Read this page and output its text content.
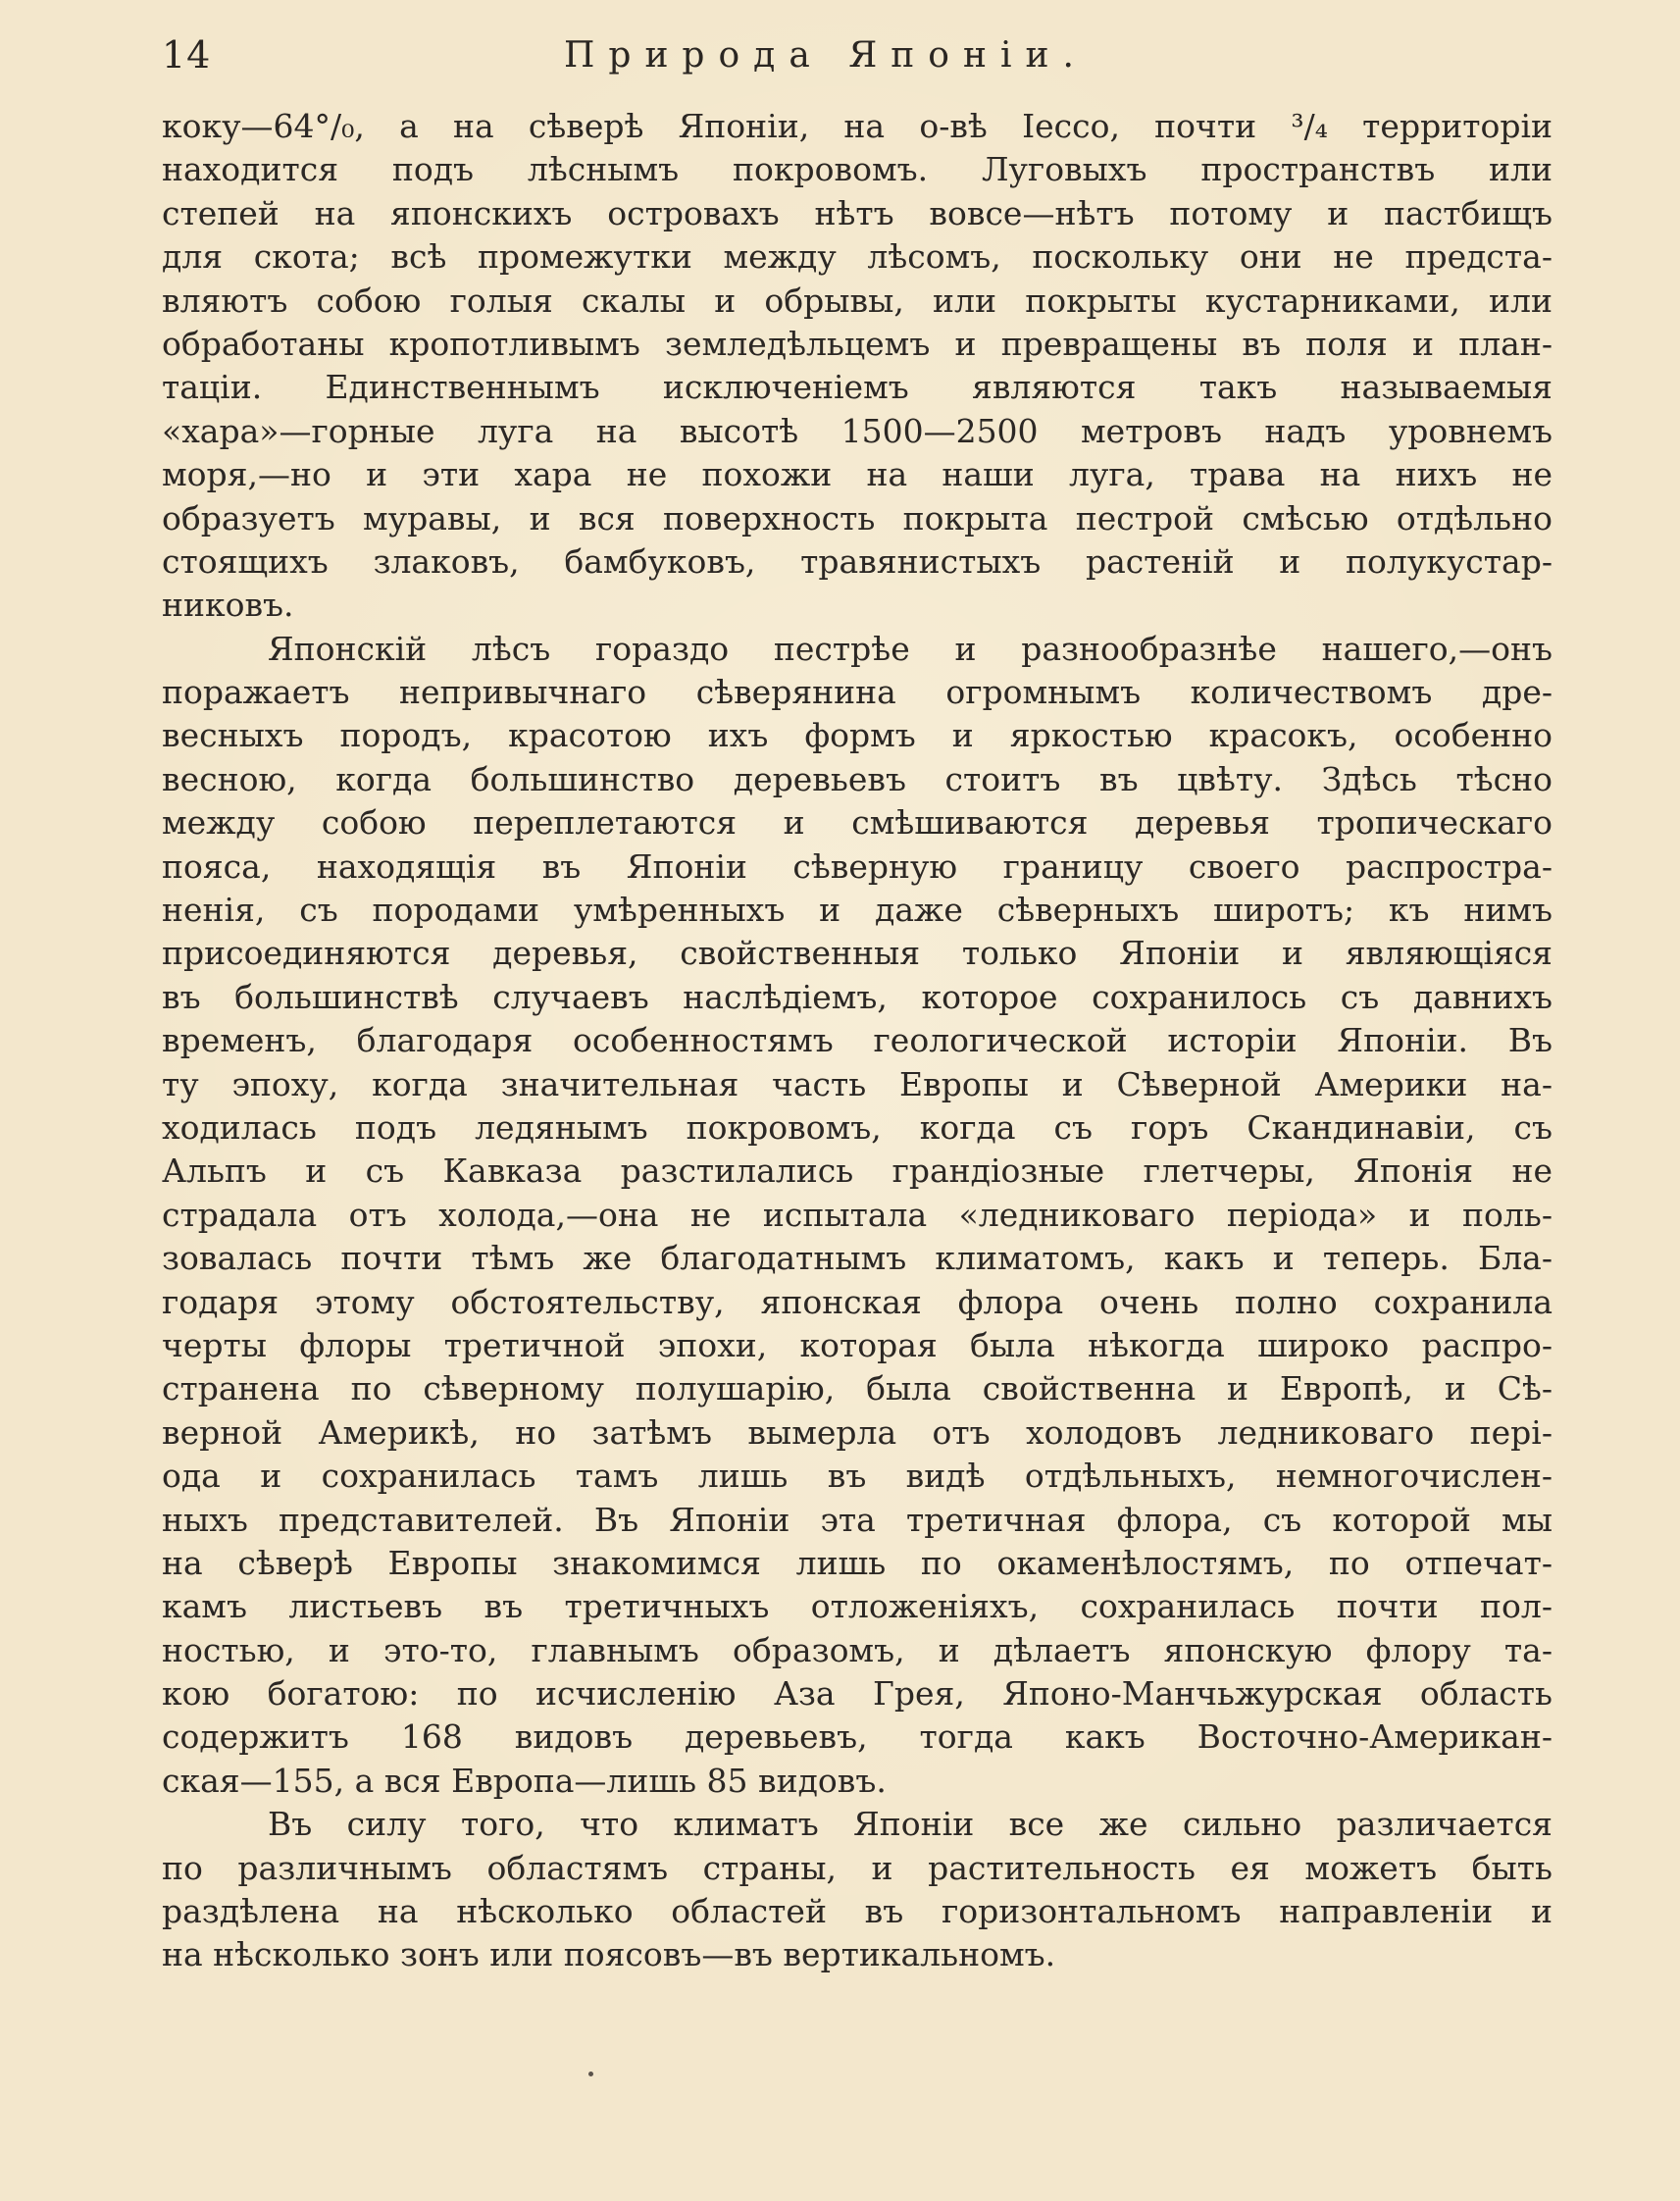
14	Природа Японіи.
коку—64°/₀, а на сѣверѣ Японіи, на о-вѣ Іессо, почти ³/₄ территоріи
находится подъ лѣснымъ покровомъ. Луговыхъ пространствъ или
степей на японскихъ островахъ нѣтъ вовсе—нѣтъ потому и пастбищъ
для скота; всѣ промежутки между лѣсомъ, поскольку они не предста-
вляютъ собою голыя скалы и обрывы, или покрыты кустарниками, или
обработаны кропотливымъ земледѣльцемъ и превращены въ поля и план-
таціи. Единственнымъ исключеніемъ являются такъ называемыя
«хара»—горные луга на высотѣ 1500—2500 метровъ надъ уровнемъ
моря,—но и эти хара не похожи на наши луга, трава на нихъ не
образуетъ муравы, и вся поверхность покрыта пестрой смѣсью отдѣльно
стоящихъ злаковъ, бамбуковъ, травянистыхъ растеній и полукустар-
никовъ.
Японскій лѣсъ гораздо пестрѣе и разнообразнѣе нашего,—онъ
поражаетъ непривычнаго сѣверянина огромнымъ количествомъ дре-
весныхъ породъ, красотою ихъ формъ и яркостью красокъ, особенно
весною, когда большинство деревьевъ стоитъ въ цвѣту. Здѣсь тѣсно
между собою переплетаются и смѣшиваются деревья тропическаго
пояса, находящія въ Японіи сѣверную границу своего распростра-
ненія, съ породами умѣренныхъ и даже сѣверныхъ широтъ; къ нимъ
присоединяются деревья, свойственныя только Японіи и являющіяся
въ большинствѣ случаевъ наслѣдіемъ, которое сохранилось съ давнихъ
временъ, благодаря особенностямъ геологической исторіи Японіи. Въ
ту эпоху, когда значительная часть Европы и Сѣверной Америки на-
ходилась подъ ледянымъ покровомъ, когда съ горъ Скандинавіи, съ
Альпъ и съ Кавказа разстилались грандіозные глетчеры, Японія не
страдала отъ холода,—она не испытала «ледниковаго періода» и поль-
зовалась почти тѣмъ же благодатнымъ климатомъ, какъ и теперь. Бла-
годаря этому обстоятельству, японская флора очень полно сохранила
черты флоры третичной эпохи, которая была нѣкогда широко распро-
странена по сѣверному полушарію, была свойственна и Европѣ, и Сѣ-
верной Америкѣ, но затѣмъ вымерла отъ холодовъ ледниковаго пері-
ода и сохранилась тамъ лишь въ видѣ отдѣльныхъ, немногочислен-
ныхъ представителей. Въ Японіи эта третичная флора, съ которой мы
на сѣверѣ Европы знакомимся лишь по окаменѣлостямъ, по отпечат-
камъ листьевъ въ третичныхъ отложеніяхъ, сохранилась почти пол-
ностью, и это-то, главнымъ образомъ, и дѣлаетъ японскую флору та-
кою богатою: по исчисленію Аза Грея, Японо-Манчьжурская область
содержитъ 168 видовъ деревьевъ, тогда какъ Восточно-Американ-
ская—155, а вся Европа—лишь 85 видовъ.
Въ силу того, что климатъ Японіи все же сильно различается
по различнымъ областямъ страны, и растительность ея можетъ быть
раздѣлена на нѣсколько областей въ горизонтальномъ направленіи и
на нѣсколько зонъ или поясовъ—въ вертикальномъ.
